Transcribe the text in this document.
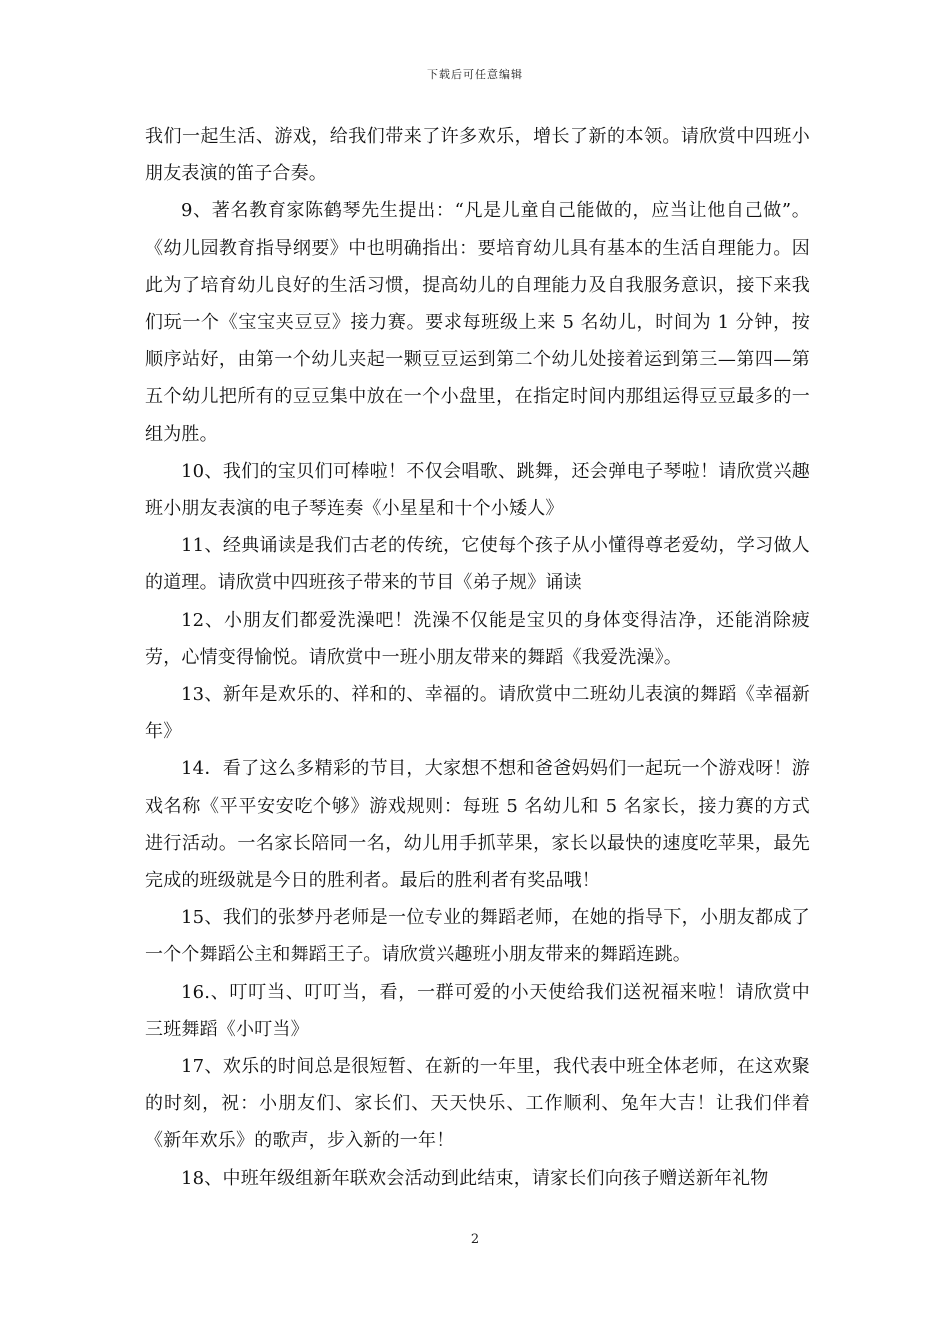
下载后可任意编辑

我们一起生活、游戏，给我们带来了许多欢乐，增长了新的本领。请欣赏中四班小朋友表演的笛子合奏。

9、著名教育家陈鹤琴先生提出：“凡是儿童自己能做的，应当让他自己做”。《幼儿园教育指导纲要》中也明确指出：要培育幼儿具有基本的生活自理能力。因此为了培育幼儿良好的生活习惯，提高幼儿的自理能力及自我服务意识，接下来我们玩一个《宝宝夹豆豆》接力赛。要求每班级上来 5 名幼儿，时间为 1 分钟，按顺序站好，由第一个幼儿夹起一颗豆豆运到第二个幼儿处接着运到第三—第四—第五个幼儿把所有的豆豆集中放在一个小盘里，在指定时间内那组运得豆豆最多的一组为胜。

10、我们的宝贝们可棒啦！不仅会唱歌、跳舞，还会弹电子琴啦！请欣赏兴趣班小朋友表演的电子琴连奏《小星星和十个小矮人》

11、经典诵读是我们古老的传统，它使每个孩子从小懂得尊老爱幼，学习做人的道理。请欣赏中四班孩子带来的节目《弟子规》诵读

12、小朋友们都爱洗澡吧！洗澡不仅能是宝贝的身体变得洁净，还能消除疲劳，心情变得愉悦。请欣赏中一班小朋友带来的舞蹈《我爱洗澡》。

13、新年是欢乐的、祥和的、幸福的。请欣赏中二班幼儿表演的舞蹈《幸福新年》

14．看了这么多精彩的节目，大家想不想和爸爸妈妈们一起玩一个游戏呀！游戏名称《平平安安吃个够》游戏规则：每班 5 名幼儿和 5 名家长，接力赛的方式进行活动。一名家长陪同一名，幼儿用手抓苹果，家长以最快的速度吃苹果，最先完成的班级就是今日的胜利者。最后的胜利者有奖品哦！

15、我们的张梦丹老师是一位专业的舞蹈老师，在她的指导下，小朋友都成了一个个舞蹈公主和舞蹈王子。请欣赏兴趣班小朋友带来的舞蹈连跳。

16.、叮叮当、叮叮当，看，一群可爱的小天使给我们送祝福来啦！请欣赏中三班舞蹈《小叮当》

17、欢乐的时间总是很短暂、在新的一年里，我代表中班全体老师，在这欢聚的时刻，祝：小朋友们、家长们、天天快乐、工作顺利、兔年大吉！让我们伴着《新年欢乐》的歌声，步入新的一年！

18、中班年级组新年联欢会活动到此结束，请家长们向孩子赠送新年礼物

2
